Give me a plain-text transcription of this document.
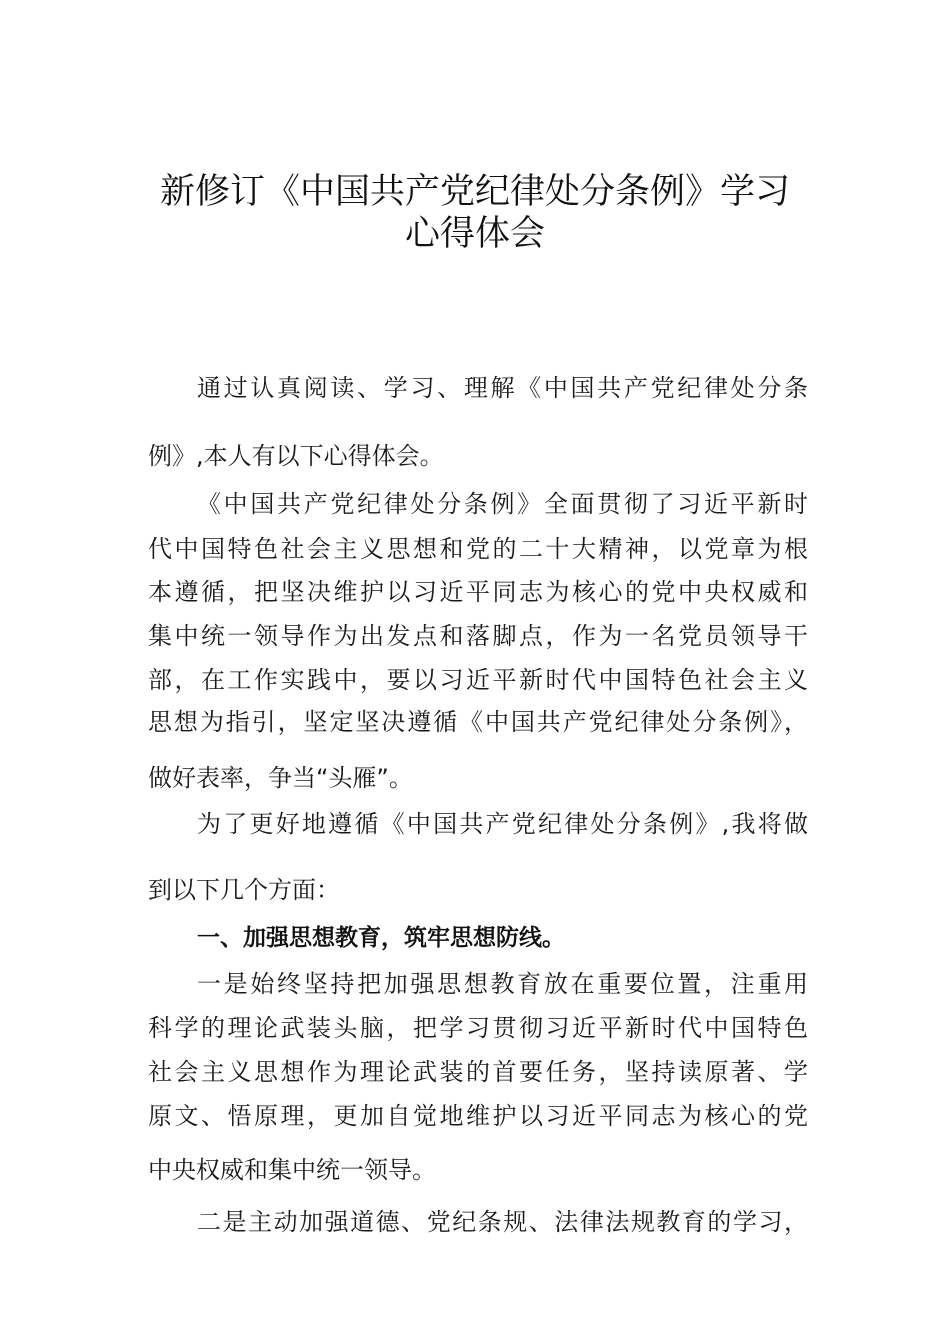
新修订《中国共产党纪律处分条例》学习
心得体会
通过认真阅读、学习、理解《中国共产党纪律处分条
例》,本人有以下心得体会。
《中国共产党纪律处分条例》全面贯彻了习近平新时
代中国特色社会主义思想和党的二十大精神，以党章为根
本遵循，把坚决维护以习近平同志为核心的党中央权威和
集中统一领导作为出发点和落脚点，作为一名党员领导干
部，在工作实践中，要以习近平新时代中国特色社会主义
思想为指引，坚定坚决遵循《中国共产党纪律处分条例》，
做好表率，争当“头雁”。
为了更好地遵循《中国共产党纪律处分条例》,我将做
到以下几个方面：
一、加强思想教育，筑牢思想防线。
一是始终坚持把加强思想教育放在重要位置，注重用
科学的理论武装头脑，把学习贯彻习近平新时代中国特色
社会主义思想作为理论武装的首要任务，坚持读原著、学
原文、悟原理，更加自觉地维护以习近平同志为核心的党
中央权威和集中统一领导。
二是主动加强道德、党纪条规、法律法规教育的学习，
